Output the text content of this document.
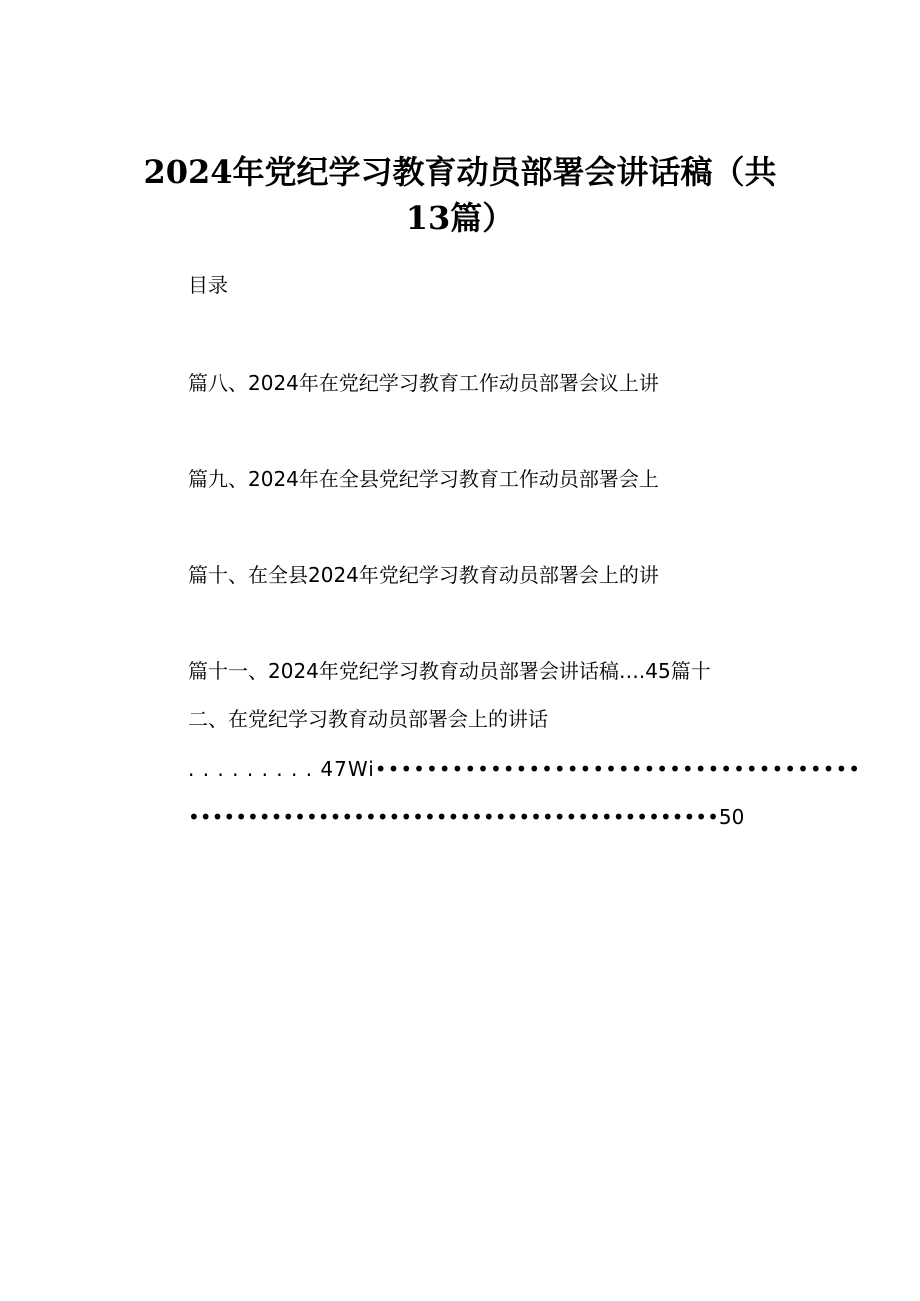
2024年党纪学习教育动员部署会讲话稿（共
13篇）
目录
篇八、2024年在党纪学习教育工作动员部署会议上讲
篇九、2024年在全县党纪学习教育工作动员部署会上
篇十、在全县2024年党纪学习教育动员部署会上的讲
篇十一、2024年党纪学习教育动员部署会讲话稿….45篇十
二、在党纪学习教育动员部署会上的讲话
. . . . . . . . . 47Wi••••••••••••••••••••••••••••••••••••••
•••••••••••••••••••••••••••••••••••••••••••••50
